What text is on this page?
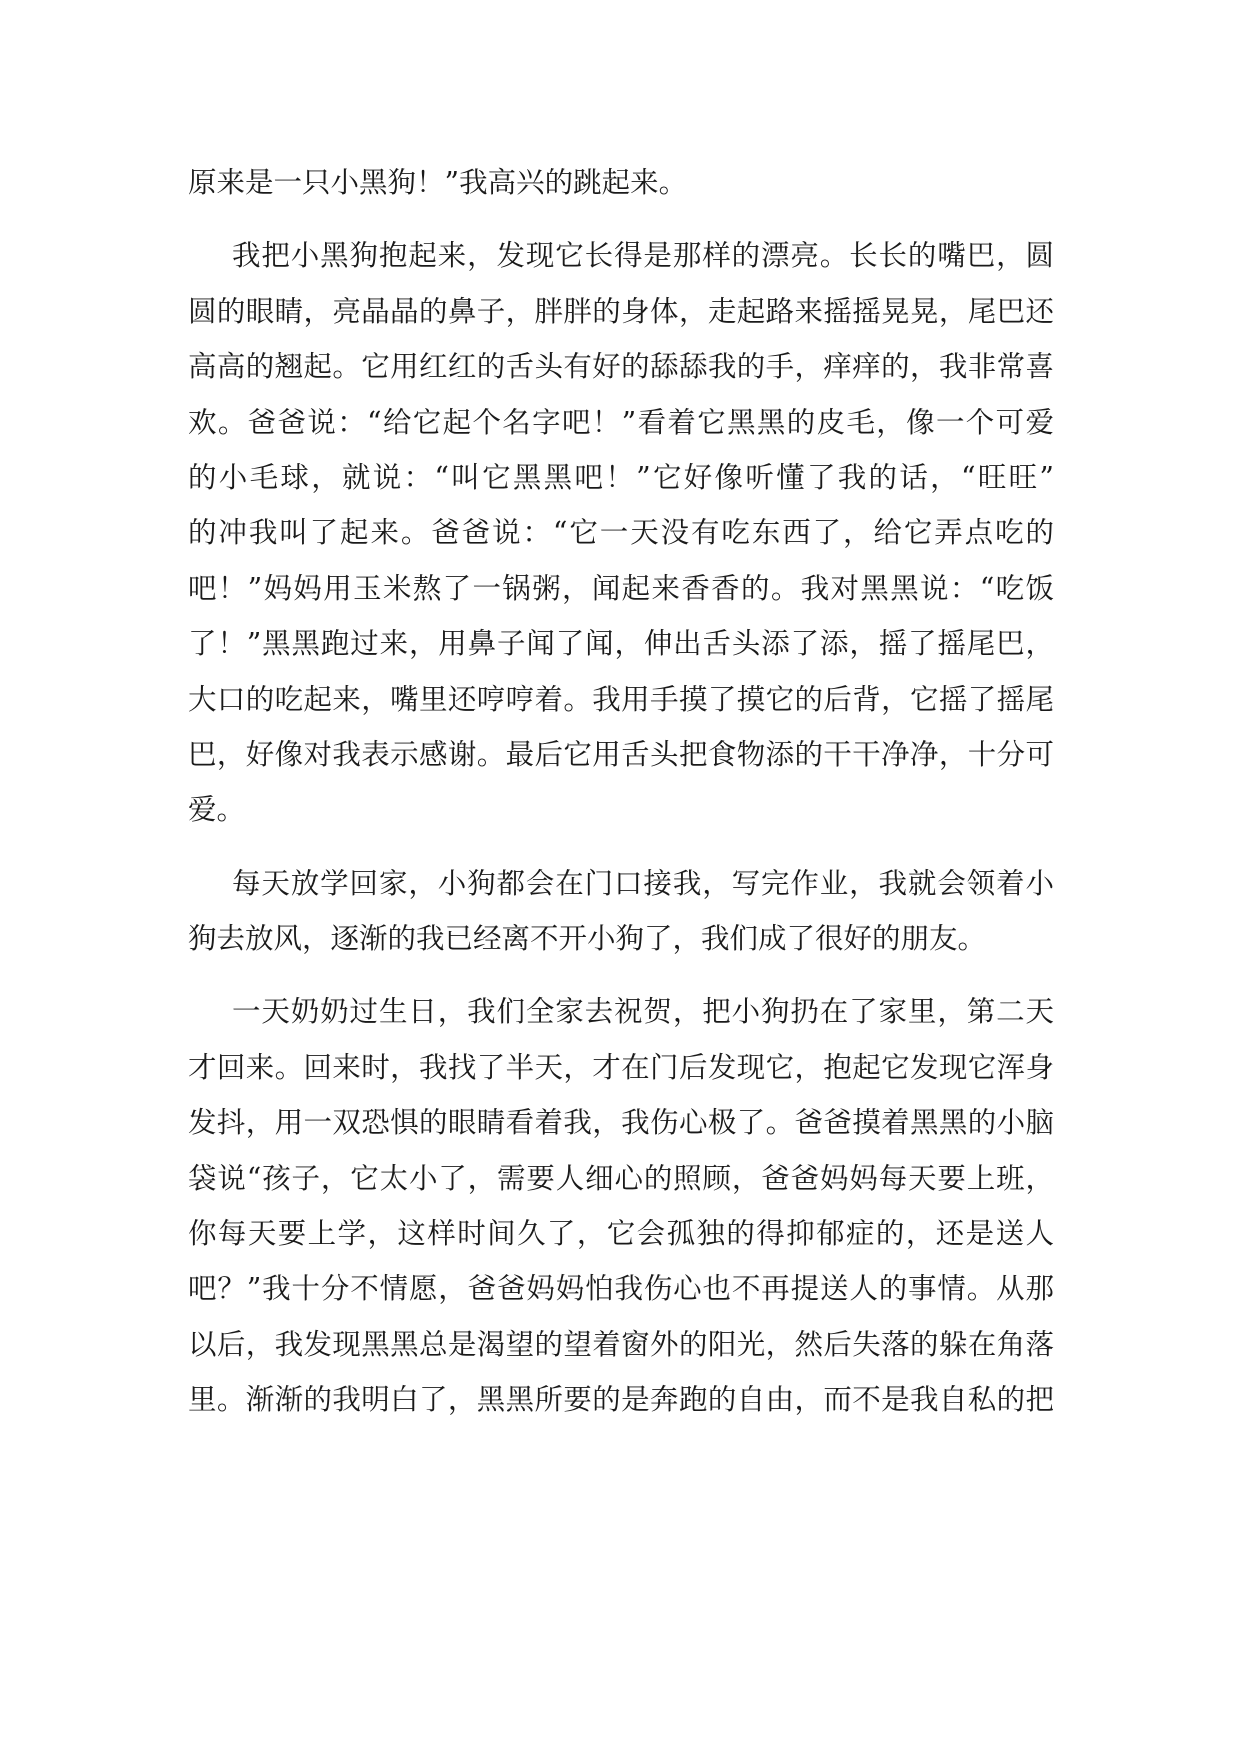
原来是一只小黑狗！”我高兴的跳起来。
我把小黑狗抱起来，发现它长得是那样的漂亮。长长的嘴巴，圆
圆的眼睛，亮晶晶的鼻子，胖胖的身体，走起路来摇摇晃晃，尾巴还
高高的翘起。它用红红的舌头有好的舔舔我的手，痒痒的，我非常喜
欢。爸爸说：“给它起个名字吧！”看着它黑黑的皮毛，像一个可爱
的小毛球，就说：“叫它黑黑吧！”它好像听懂了我的话，“旺旺”
的冲我叫了起来。爸爸说：“它一天没有吃东西了，给它弄点吃的
吧！”妈妈用玉米熬了一锅粥，闻起来香香的。我对黑黑说：“吃饭
了！”黑黑跑过来，用鼻子闻了闻，伸出舌头添了添，摇了摇尾巴，
大口的吃起来，嘴里还哼哼着。我用手摸了摸它的后背，它摇了摇尾
巴，好像对我表示感谢。最后它用舌头把食物添的干干净净，十分可
爱。
每天放学回家，小狗都会在门口接我，写完作业，我就会领着小
狗去放风，逐渐的我已经离不开小狗了，我们成了很好的朋友。
一天奶奶过生日，我们全家去祝贺，把小狗扔在了家里，第二天
才回来。回来时，我找了半天，才在门后发现它，抱起它发现它浑身
发抖，用一双恐惧的眼睛看着我，我伤心极了。爸爸摸着黑黑的小脑
袋说“孩子，它太小了，需要人细心的照顾，爸爸妈妈每天要上班，
你每天要上学，这样时间久了，它会孤独的得抑郁症的，还是送人
吧？”我十分不情愿，爸爸妈妈怕我伤心也不再提送人的事情。从那
以后，我发现黑黑总是渴望的望着窗外的阳光，然后失落的躲在角落
里。渐渐的我明白了，黑黑所要的是奔跑的自由，而不是我自私的把
